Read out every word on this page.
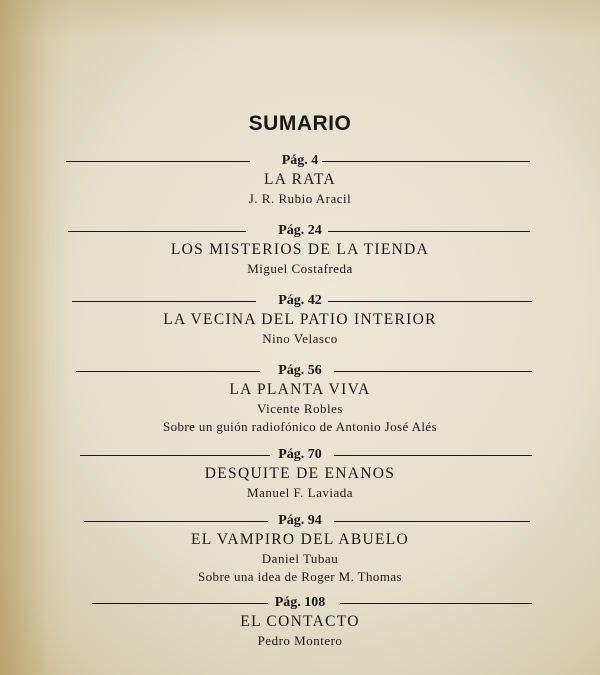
SUMARIO
Pág. 4
LA RATA
J. R. Rubio Aracil
Pág. 24
LOS MISTERIOS DE LA TIENDA
Miguel Costafreda
Pág. 42
LA VECINA DEL PATIO INTERIOR
Nino Velasco
Pág. 56
LA PLANTA VIVA
Vicente Robles
Sobre un guión radiofónico de Antonio José Alés
Pág. 70
DESQUITE DE ENANOS
Manuel F. Laviada
Pág. 94
EL VAMPIRO DEL ABUELO
Daniel Tubau
Sobre una idea de Roger M. Thomas
Pág. 108
EL CONTACTO
Pedro Montero
